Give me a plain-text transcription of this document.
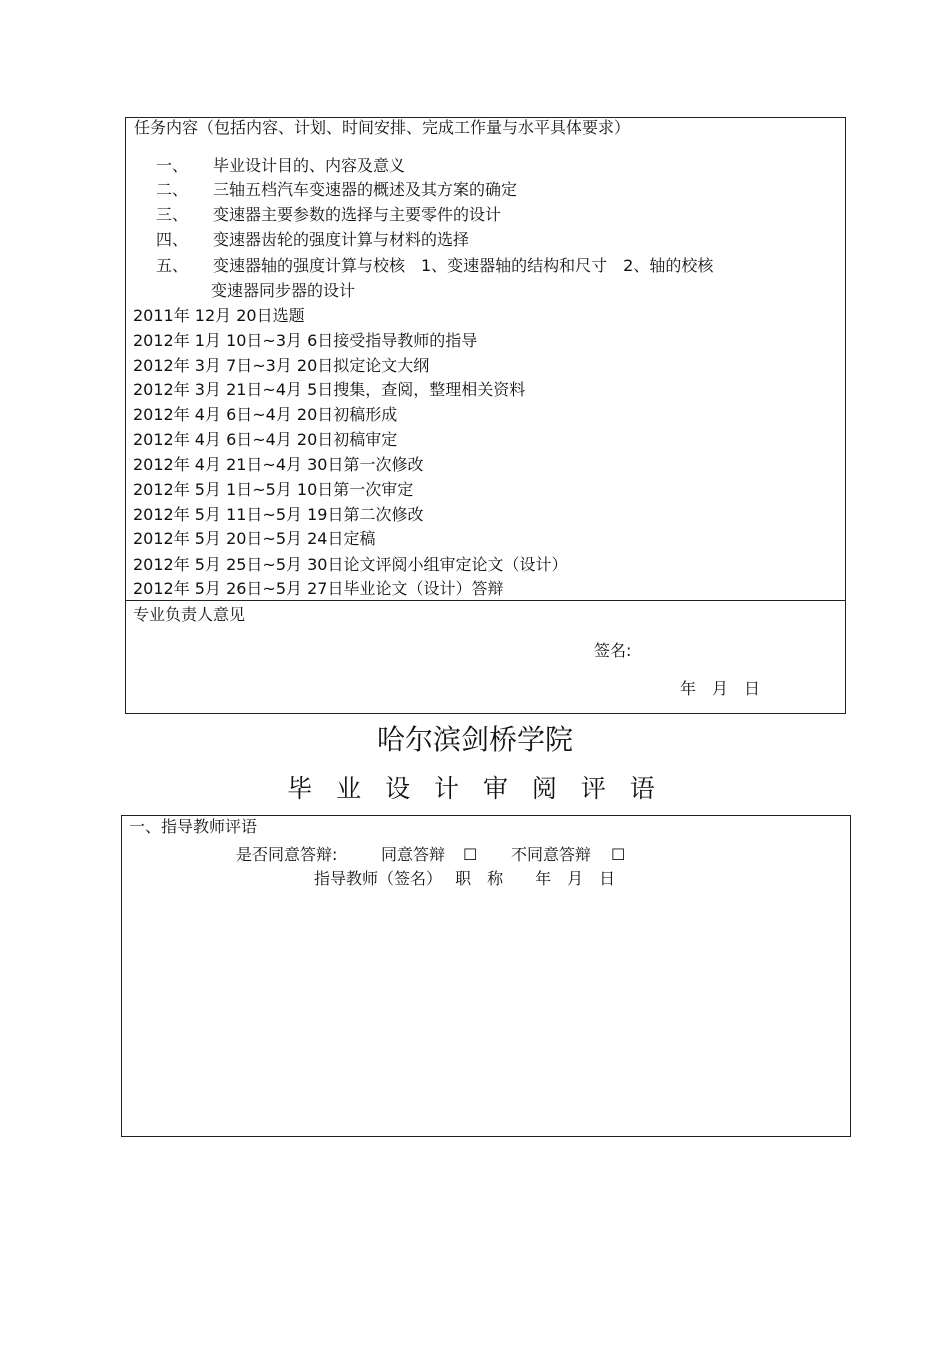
任务内容（包括内容、计划、时间安排、完成工作量与水平具体要求）
一、 毕业设计目的、内容及意义
二、 三轴五档汽车变速器的概述及其方案的确定
三、 变速器主要参数的选择与主要零件的设计
四、 变速器齿轮的强度计算与材料的选择
五、 变速器轴的强度计算与校核　1、变速器轴的结构和尺寸　2、轴的校核
变速器同步器的设计
2011年 12月 20日选题
2012年 1月 10日~3月 6日接受指导教师的指导
2012年 3月 7日~3月 20日拟定论文大纲
2012年 3月 21日~4月 5日搜集，查阅，整理相关资料
2012年 4月 6日~4月 20日初稿形成
2012年 4月 6日~4月 20日初稿审定
2012年 4月 21日~4月 30日第一次修改
2012年 5月 1日~5月 10日第一次审定
2012年 5月 11日~5月 19日第二次修改
2012年 5月 20日~5月 24日定稿
2012年 5月 25日~5月 30日论文评阅小组审定论文（设计）
2012年 5月 26日~5月 27日毕业论文（设计）答辩
专业负责人意见
签名:
年　月　日
哈尔滨剑桥学院
毕 业 设 计 审 阅 评 语
一、指导教师评语
是否同意答辩:	同意答辩 ☐ 不同意答辩 ☐
指导教师（签名）　 职　称　　年　月　日
